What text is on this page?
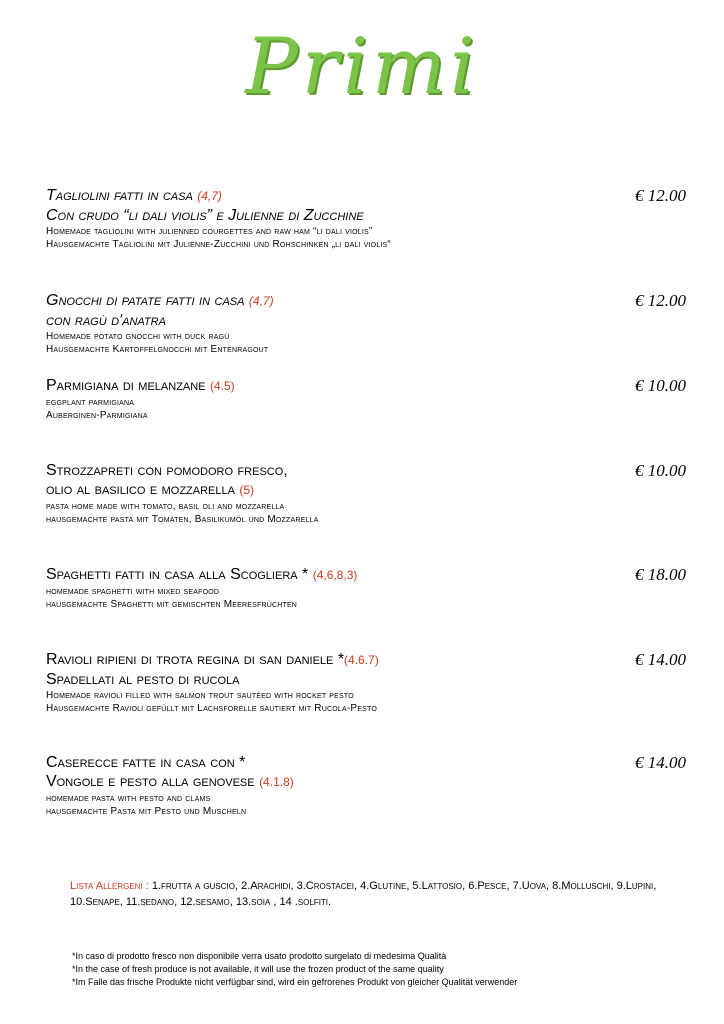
Primi
Tagliolini fatti in casa (4,7)
Con crudo “li dali violis” e Julienne di Zucchine
Homemade tagliolini with julienned courgettes and raw ham “li dali violis”
Hausgemachte Tagliolini mit Julienne-Zucchini und Rohschinken „li dali violis“
€ 12.00
Gnocchi di patate fatti in casa (4,7)
con ragù d'anatra
Homemade potato gnocchi with duck ragù
Hausgemachte Kartoffelgnocchi mit Entenragout
€ 12.00
Parmigiana di melanzane (4.5)
eggplant parmigiana
Auberginen-Parmigiana
€ 10.00
Strozzapreti con pomodoro fresco,
olio al basilico e mozzarella (5)
pasta home made with tomato, basil oli and mozzarella
hausgemachte pasta mit Tomaten, Basilikumöl und Mozzarella
€ 10.00
Spaghetti fatti in casa alla Scogliera * (4,6,8,3)
homemade spaghetti with mixed seafood
hausgemachte Spaghetti mit gemischten Meeresfrüchten
€ 18.00
Ravioli ripieni di trota regina di san daniele *(4.6.7)
Spadellati al pesto di rucola
Homemade ravioli filled with salmon trout sautéed with rocket pesto
Hausgemachte Ravioli gefüllt mit Lachsforelle sautiert mit Rucola-Pesto
€ 14.00
Caserecce fatte in casa con *
Vongole e pesto alla genovese (4.1.8)
homemade pasta with pesto and clams
hausgemachte Pasta mit Pesto und Muscheln
€ 14.00
Lista Allergeni : 1.frutta a guscio, 2.Arachidi, 3.Crostacei, 4.Glutine, 5.Lattosio, 6.Pesce, 7.Uova, 8.Molluschi, 9.Lupini, 10.Senape, 11.sedano, 12.sesamo, 13.soia , 14 .solfiti.
*In caso di prodotto fresco non disponibile verra usato prodotto surgelato di medesima Qualità
*In the case of fresh produce is not available, it will use the frozen product of the same quality
*Im Falle das frische Produkte nicht verfügbar sind, wird ein gefrorenes Produkt von gleicher Qualität verwender
